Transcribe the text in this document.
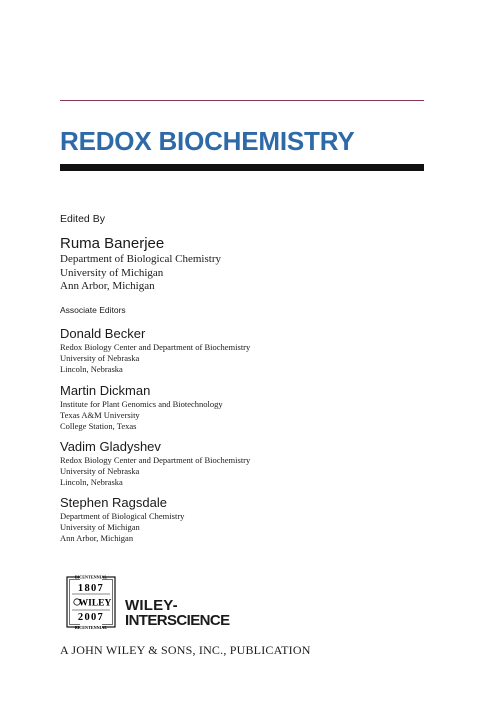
REDOX BIOCHEMISTRY
Edited By
Ruma Banerjee
Department of Biological Chemistry
University of Michigan
Ann Arbor, Michigan
Associate Editors
Donald Becker
Redox Biology Center and Department of Biochemistry
University of Nebraska
Lincoln, Nebraska
Martin Dickman
Institute for Plant Genomics and Biotechnology
Texas A&M University
College Station, Texas
Vadim Gladyshev
Redox Biology Center and Department of Biochemistry
University of Nebraska
Lincoln, Nebraska
Stephen Ragsdale
Department of Biological Chemistry
University of Michigan
Ann Arbor, Michigan
BICENTENNIAL
1807
WILEY
2007
BICENTENNIAL
WILEY-
INTERSCIENCE
A JOHN WILEY & SONS, INC., PUBLICATION
